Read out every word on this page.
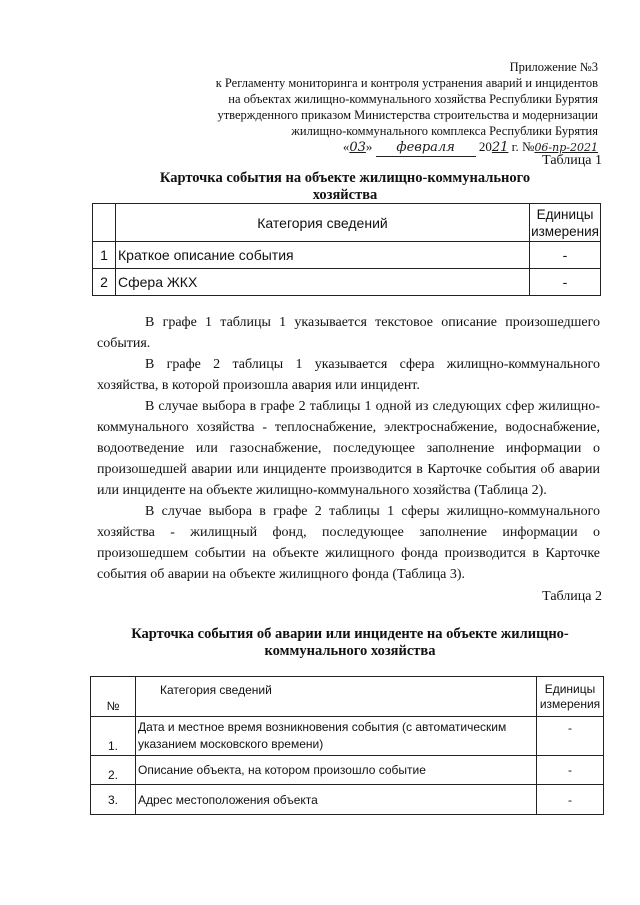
Приложение №3
к Регламенту мониторинга и контроля устранения аварий и инцидентов
на объектах жилищно-коммунального хозяйства Республики Бурятия
утвержденного приказом Министерства строительства и модернизации
жилищно-коммунального комплекса Республики Бурятия
«03» февраля 2021 г. №06-пр-2021
Таблица 1
Карточка события на объекте жилищно-коммунального
хозяйства
	Категория сведений	Единицы
измерения
1	Краткое описание события	-
2	Сфера ЖКХ	-

В графе 1 таблицы 1 указывается текстовое описание произошедшего события.

В графе 2 таблицы 1 указывается сфера жилищно-коммунального хозяйства, в которой произошла авария или инцидент.

В случае выбора в графе 2 таблицы 1 одной из следующих сфер жилищно-коммунального хозяйства - теплоснабжение, электроснабжение, водоснабжение, водоотведение или газоснабжение, последующее заполнение информации о произошедшей аварии или инциденте производится в Карточке события об аварии или инциденте на объекте жилищно-коммунального хозяйства (Таблица 2).

В случае выбора в графе 2 таблицы 1 сферы жилищно-коммунального хозяйства - жилищный фонд, последующее заполнение информации о произошедшем событии на объекте жилищного фонда производится в Карточке события об аварии на объекте жилищного фонда (Таблица 3).

Таблица 2
Карточка события об аварии или инциденте на объекте жилищно-
коммунального хозяйства
№	Категория сведений	Единицы
измерения
1.	Дата и местное время возникновения события (с автоматическим указанием московского времени)	-
2.	Описание объекта, на котором произошло событие	-
3.	Адрес местоположения объекта	-
